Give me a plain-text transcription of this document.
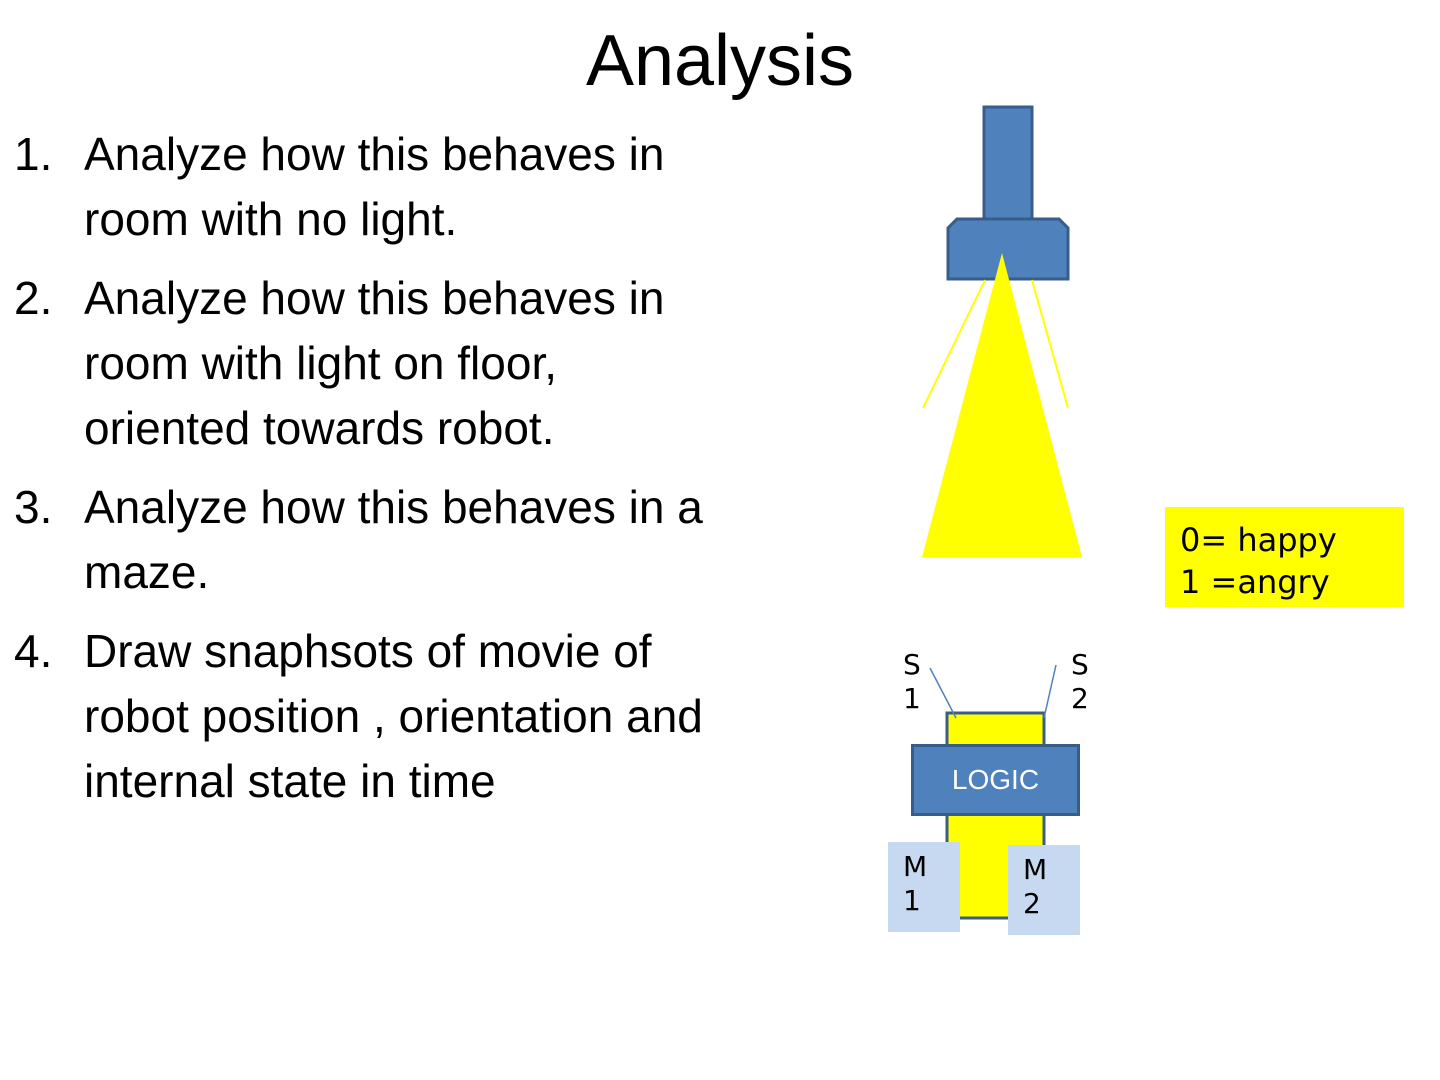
Analysis
1. Analyze how this behaves in
room with no light.
2. Analyze how this behaves in
room with light on floor,
oriented towards robot.
3. Analyze how this behaves in a
maze.
4. Draw snaphsots of movie of
robot position , orientation and
internal state in time
S
1
S
2
LOGIC
M
1
M
2
0= happy
1 =angry
